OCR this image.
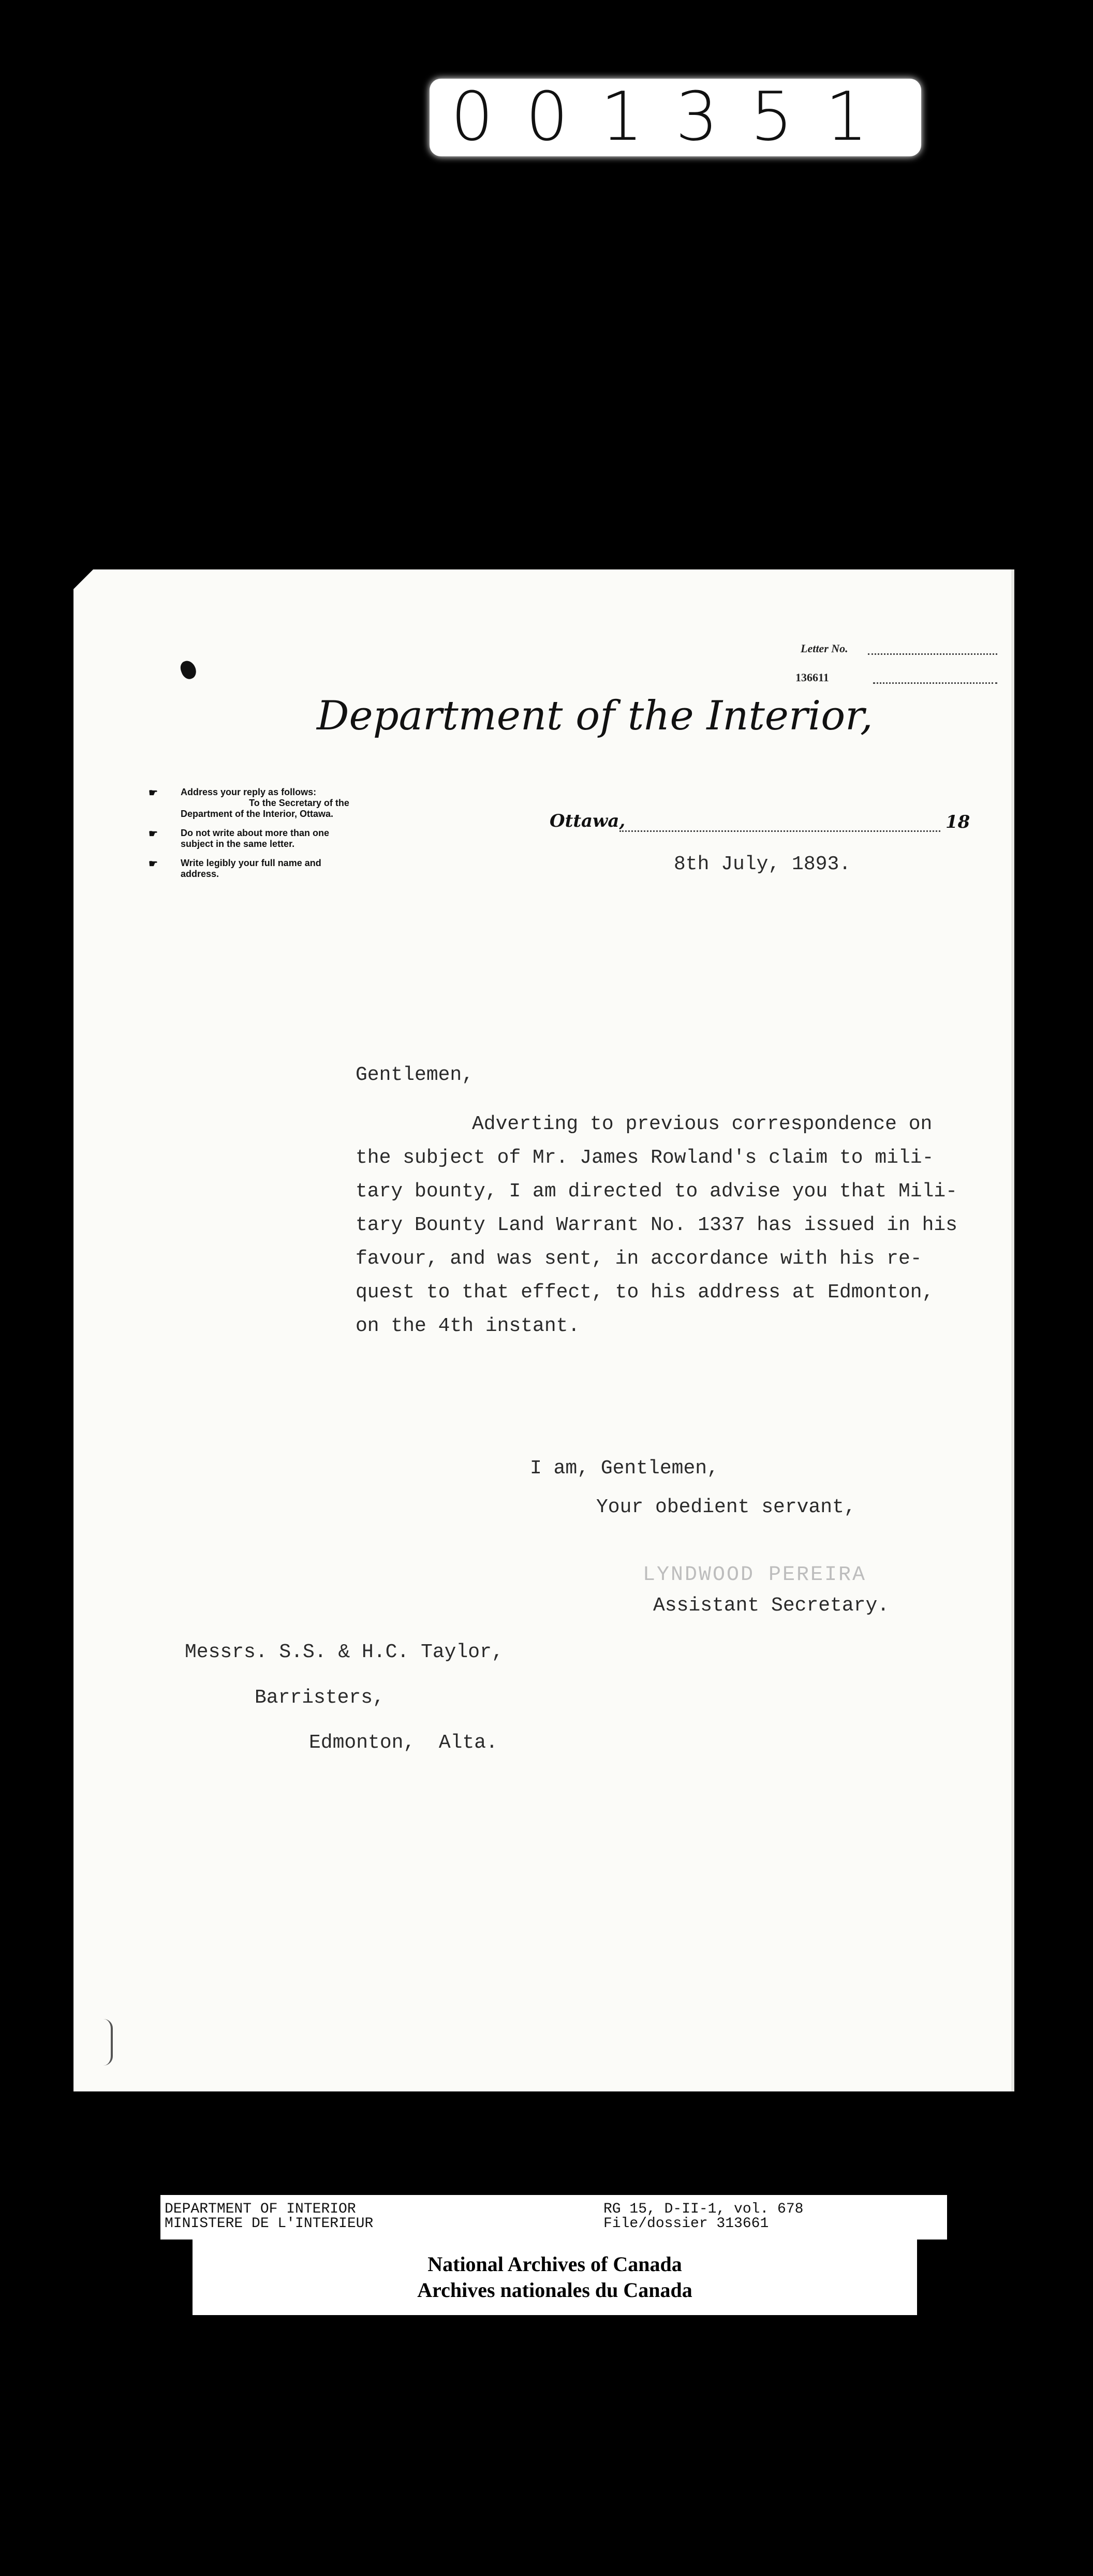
001351
Letter No.
136611
Department of the Interior,
☛ Address your reply as follows:
To the Secretary of the
Department of the Interior, Ottawa.
☛ Do not write about more than one
subject in the same letter.
☛ Write legibly your full name and
address.
Ottawa,	18
8th July, 1893.
Gentlemen,
Adverting to previous correspondence on
the subject of Mr. James Rowland's claim to mili-
tary bounty, I am directed to advise you that Mili-
tary Bounty Land Warrant No. 1337 has issued in his
favour, and was sent, in accordance with his re-
quest to that effect, to his address at Edmonton,
on the 4th instant.
I am, Gentlemen,
Your obedient servant,
LYNDWOOD PEREIRA
Assistant Secretary.
Messrs. S.S. & H.C. Taylor,
Barristers,
Edmonton,  Alta.
DEPARTMENT OF INTERIOR
MINISTERE DE L'INTERIEUR
RG 15, D-II-1, vol. 678
File/dossier 313661
National Archives of Canada
Archives nationales du Canada
